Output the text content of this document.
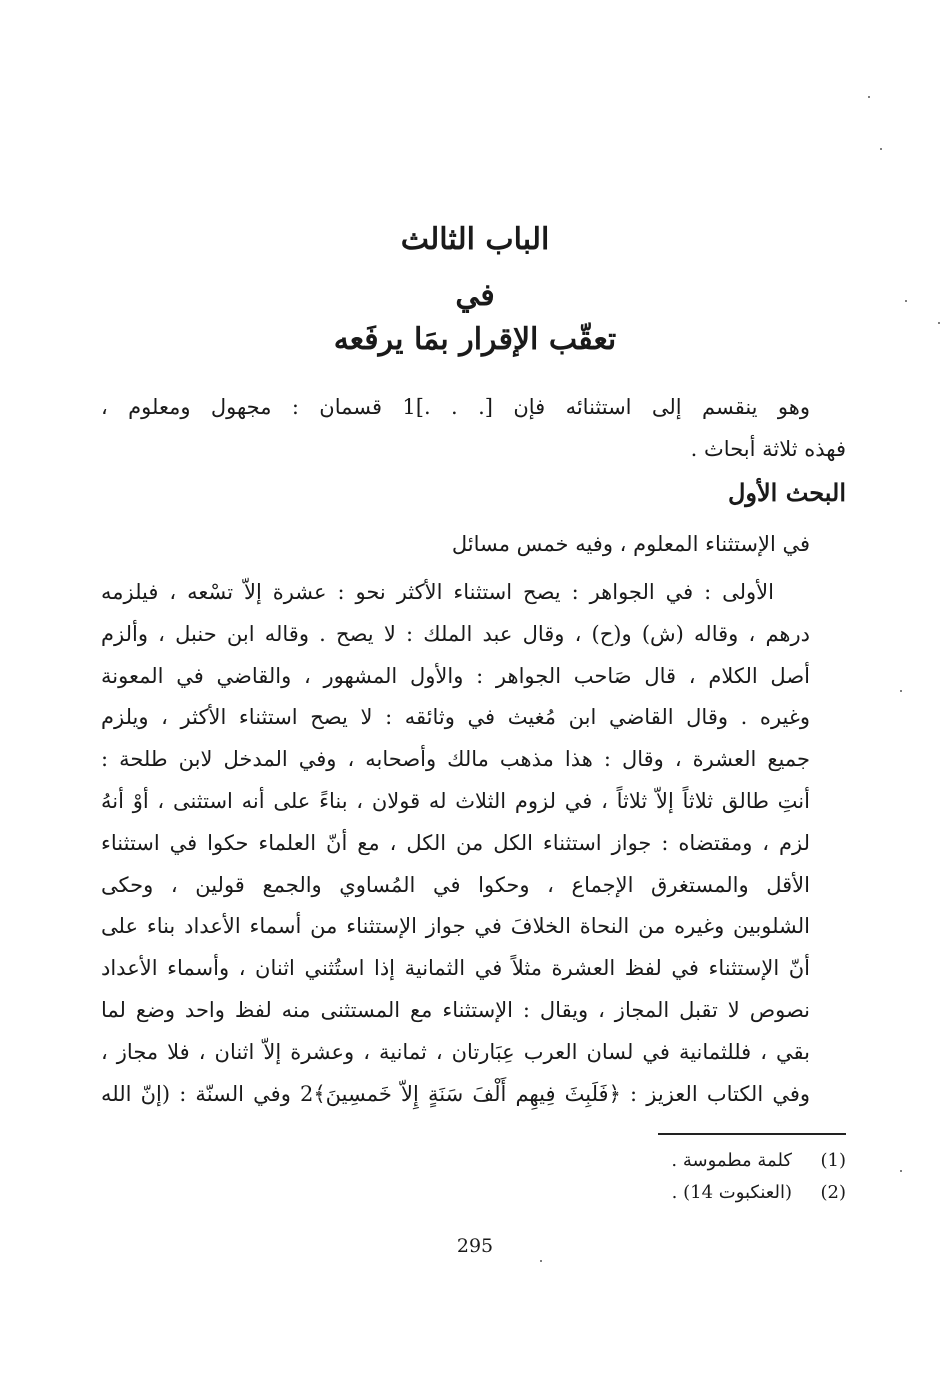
الباب الثالث
في
تعقّب الإقرار بمَا يرفَعه
وهو ينقسم إلى استثنائه فإن [. . .]1 قسمان : مجهول ومعلوم ،
فهذه ثلاثة أبحاث .
البحث الأول
في الإستثناء المعلوم ، وفيه خمس مسائل
الأولى : في الجواهر : يصح استثناء الأكثر نحو : عشرة إلاّ تسْعه ، فيلزمه
درهم ، وقاله (ش) و(ح) ، وقال عبد الملك : لا يصح . وقاله ابن حنبل ، وألزم
أصل الكلام ، قال صَاحب الجواهر : والأول المشهور ، والقاضي في المعونة
وغيره . وقال القاضي ابن مُغيث في وثائقه : لا يصح استثناء الأكثر ، ويلزم
جميع العشرة ، وقال : هذا مذهب مالك وأصحابه ، وفي المدخل لابن طلحة :
أنتِ طالق ثلاثاً إلاّ ثلاثاً ، في لزوم الثلاث له قولان ، بناءً على أنه استثنى ، أوْ أنهُ
لزم ، ومقتضاه : جواز استثناء الكل من الكل ، مع أنّ العلماء حكوا في استثناء
الأقل والمستغرق الإجماع ، وحكوا في المُساوي والجمع قولين ، وحكى
الشلوبين وغيره من النحاة الخلافَ في جواز الإستثناء من أسماء الأعداد بناء على
أنّ الإستثناء في لفظ العشرة مثلاً في الثمانية إذا استُثني اثنان ، وأسماء الأعداد
نصوص لا تقبل المجاز ، ويقال : الإستثناء مع المستثنى منه لفظ واحد وضع لما
بقي ، فللثمانية في لسان العرب عِبَارتان ، ثمانية ، وعشرة إلاّ اثنان ، فلا مجاز ،
وفي الكتاب العزيز : ﴿فَلَبِثَ فِيهِم أَلْفَ سَنَةٍ إِلاّ خَمسِينَ﴾2 وفي السنّة : (إنّ الله
(1)كلمة مطموسة .
(2)(العنكبوت 14) .
295
